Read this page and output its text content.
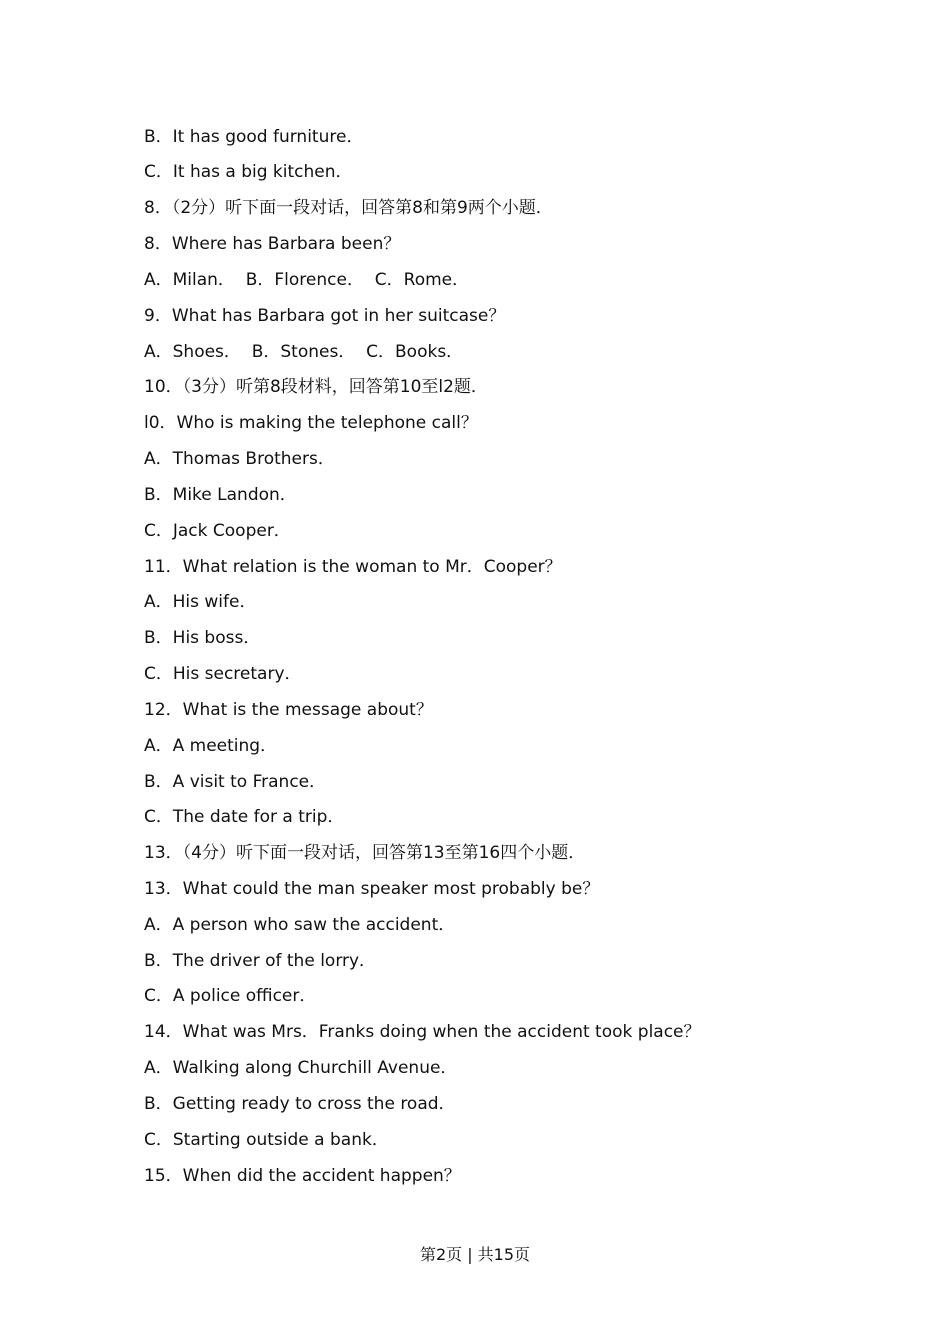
B．It has good furniture．
C．It has a big kitchen．
8．（2分）听下面一段对话，回答第8和第9两个小题．
8．Where has Barbara been？
A．Milan．  B．Florence．  C．Rome．
9．What has Barbara got in her suitcase？
A．Shoes．  B．Stones．  C．Books．
10．（3分）听第8段材料，回答第10至l2题．
l0．Who is making the telephone call？
A．Thomas Brothers．
B．Mike Landon．
C．Jack Cooper．
11．What relation is the woman to Mr．Cooper？
A．His wife．
B．His boss．
C．His secretary．
12．What is the message about？
A．A meeting．
B．A visit to France．
C．The date for a trip．
13．（4分）听下面一段对话，回答第13至第16四个小题．
13．What could the man speaker most probably be？
A．A person who saw the accident．
B．The driver of the lorry．
C．A police officer．
14．What was Mrs．Franks doing when the accident took place？
A．Walking along Churchill Avenue．
B．Getting ready to cross the road．
C．Starting outside a bank．
15．When did the accident happen？
第2页 | 共15页
